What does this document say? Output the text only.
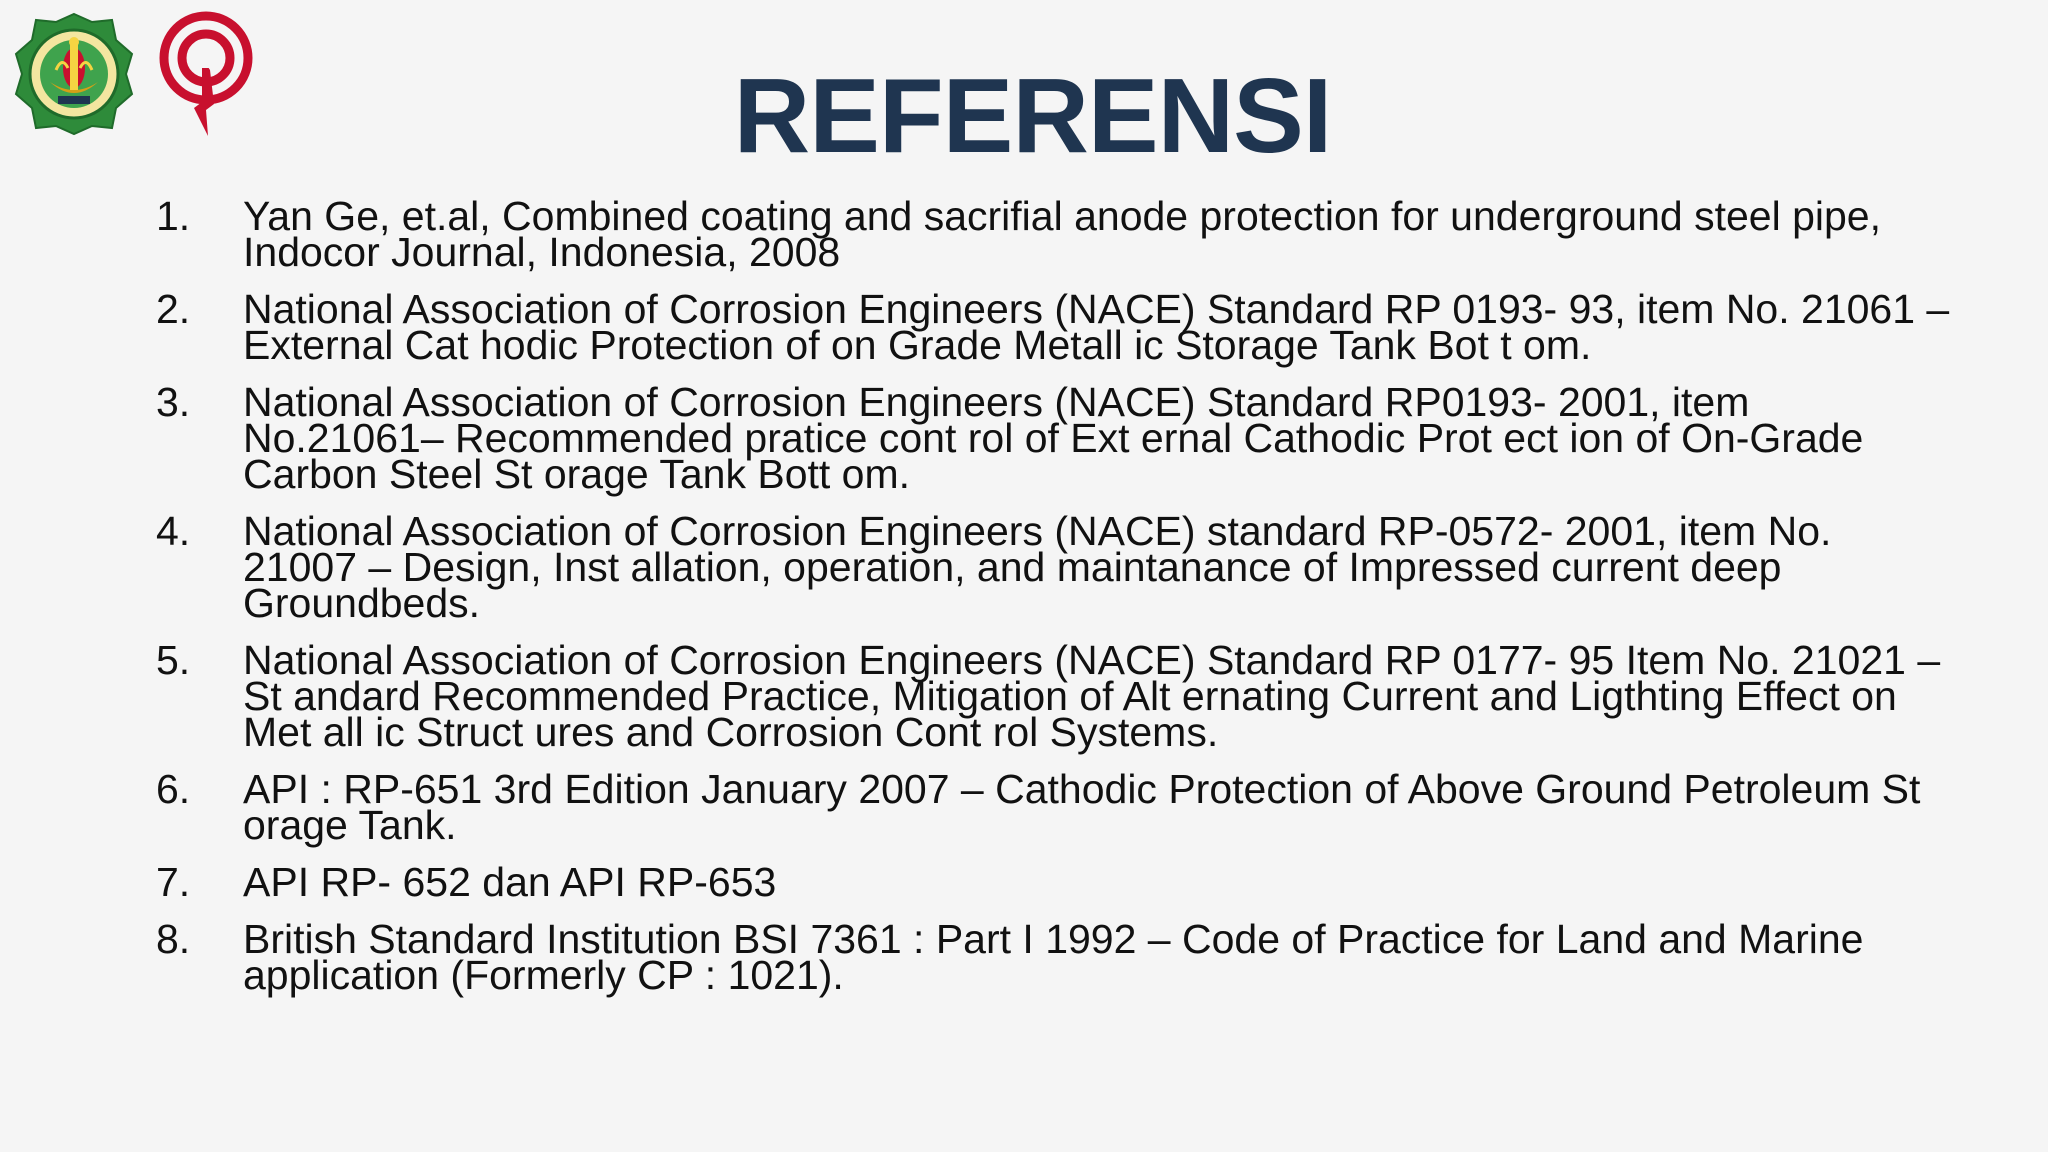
REFERENSI
1. Yan Ge, et.al, Combined coating and sacrifial anode protection for underground steel pipe, Indocor Journal, Indonesia, 2008
2. National Association of Corrosion Engineers (NACE) Standard RP 0193- 93, item No. 21061 – External Cat hodic Protection of on Grade Metall ic Storage Tank Bot t om.
3. National Association of Corrosion Engineers (NACE) Standard RP0193- 2001, item No.21061– Recommended pratice cont rol of Ext ernal Cathodic Prot ect ion of On-Grade Carbon Steel St orage Tank Bott om.
4. National Association of Corrosion Engineers (NACE) standard RP-0572- 2001, item No. 21007 – Design, Inst allation, operation, and maintanance of Impressed current deep Groundbeds.
5. National Association of Corrosion Engineers (NACE) Standard RP 0177- 95 Item No. 21021 – St andard Recommended Practice, Mitigation of Alt ernating Current and Ligthting Effect on Met all ic Struct ures and Corrosion Cont rol Systems.
6. API : RP-651 3rd Edition January 2007 – Cathodic Protection of Above Ground Petroleum St orage Tank.
7. API RP- 652 dan API RP-653
8. British Standard Institution BSI 7361 : Part I 1992 – Code of Practice for Land and Marine application (Formerly CP : 1021).
